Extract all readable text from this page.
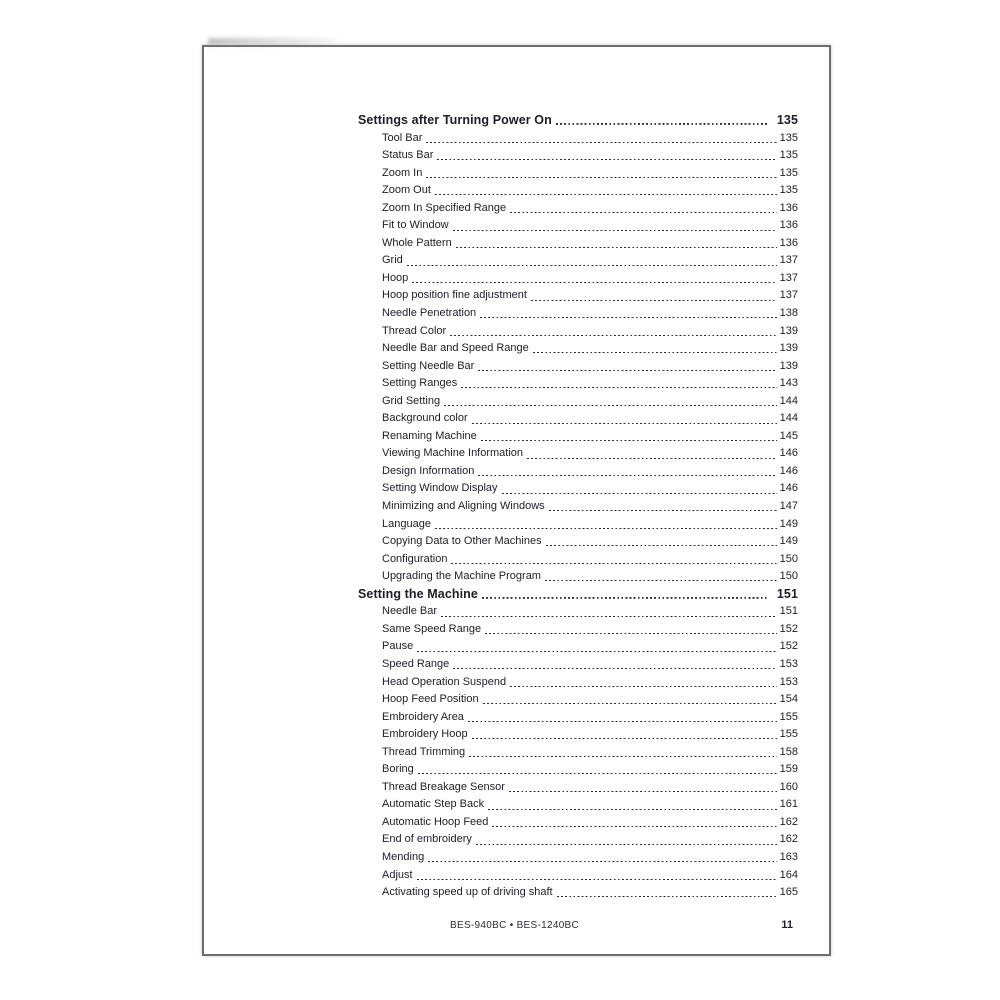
Settings after Turning Power On	135
Tool Bar	135
Status Bar	135
Zoom In	135
Zoom Out	135
Zoom In Specified Range	136
Fit to Window	136
Whole Pattern	136
Grid	137
Hoop	137
Hoop position fine adjustment	137
Needle Penetration	138
Thread Color	139
Needle Bar and Speed Range	139
Setting Needle Bar	139
Setting Ranges	143
Grid Setting	144
Background color	144
Renaming Machine	145
Viewing Machine Information	146
Design Information	146
Setting Window Display	146
Minimizing and Aligning Windows	147
Language	149
Copying Data to Other Machines	149
Configuration	150
Upgrading the Machine Program	150
Setting the Machine	151
Needle Bar	151
Same Speed Range	152
Pause	152
Speed Range	153
Head Operation Suspend	153
Hoop Feed Position	154
Embroidery Area	155
Embroidery Hoop	155
Thread Trimming	158
Boring	159
Thread Breakage Sensor	160
Automatic Step Back	161
Automatic Hoop Feed	162
End of embroidery	162
Mending	163
Adjust	164
Activating speed up of driving shaft	165
BES-940BC • BES-1240BC	11
